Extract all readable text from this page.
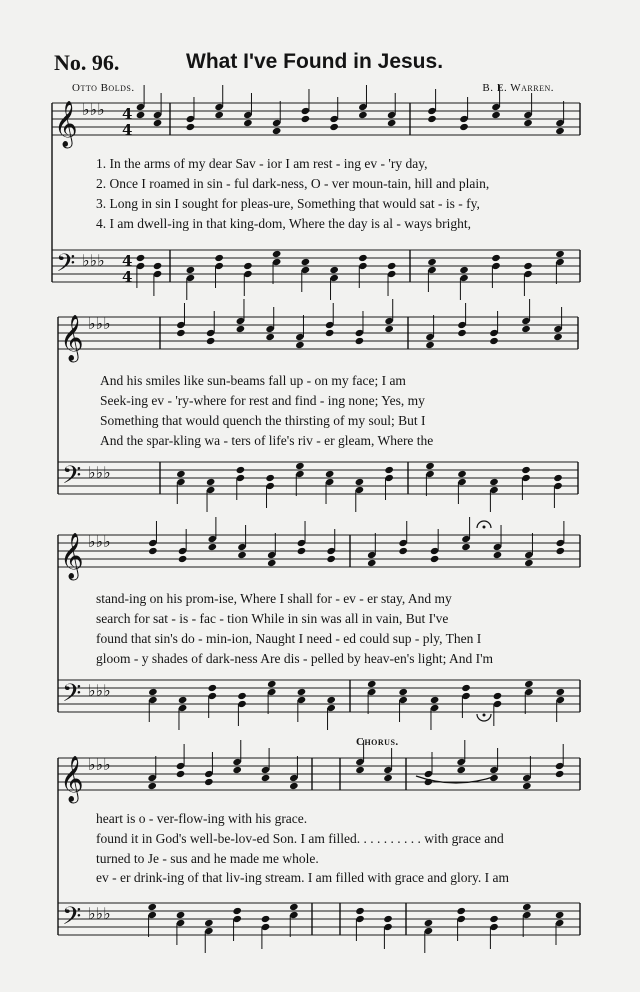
No. 96.	What I've Found in Jesus.
Otto Bolds.	B. E. Warren.
𝄞
𝄢
♭♭♭
♭♭♭
4
4
4
4
𝄞
𝄢
♭♭♭
♭♭♭
𝄞
𝄢
♭♭♭
♭♭♭
𝄞
𝄢
♭♭♭
♭♭♭
1. In the arms of my dear Sav - ior I am rest - ing ev - 'ry day,
2. Once I roamed in sin - ful dark-ness, O - ver moun-tain, hill and plain,
3. Long in sin I sought for pleas-ure, Something that would sat - is - fy,
4. I am dwell-ing in that king-dom, Where the day is al - ways bright,
And his smiles like sun-beams fall up - on my face; I am
Seek-ing ev - 'ry-where for rest and find - ing none; Yes, my
Something that would quench the thirsting of my soul; But I
And the spar-kling wa - ters of life's riv - er gleam, Where the
stand-ing on his prom-ise, Where I shall for - ev - er stay, And my
search for sat - is - fac - tion While in sin was all in vain, But I've
found that sin's do - min-ion, Naught I need - ed could sup - ply, Then I
gloom - y shades of dark-ness Are dis - pelled by heav-en's light; And I'm
Chorus.
heart is o - ver-flow-ing with his grace.
found it in God's well-be-lov-ed Son. I am filled. . . . . . . . . . with grace and
turned to Je - sus and he made me whole.
ev - er drink-ing of that liv-ing stream. I am filled with grace and glory. I am
